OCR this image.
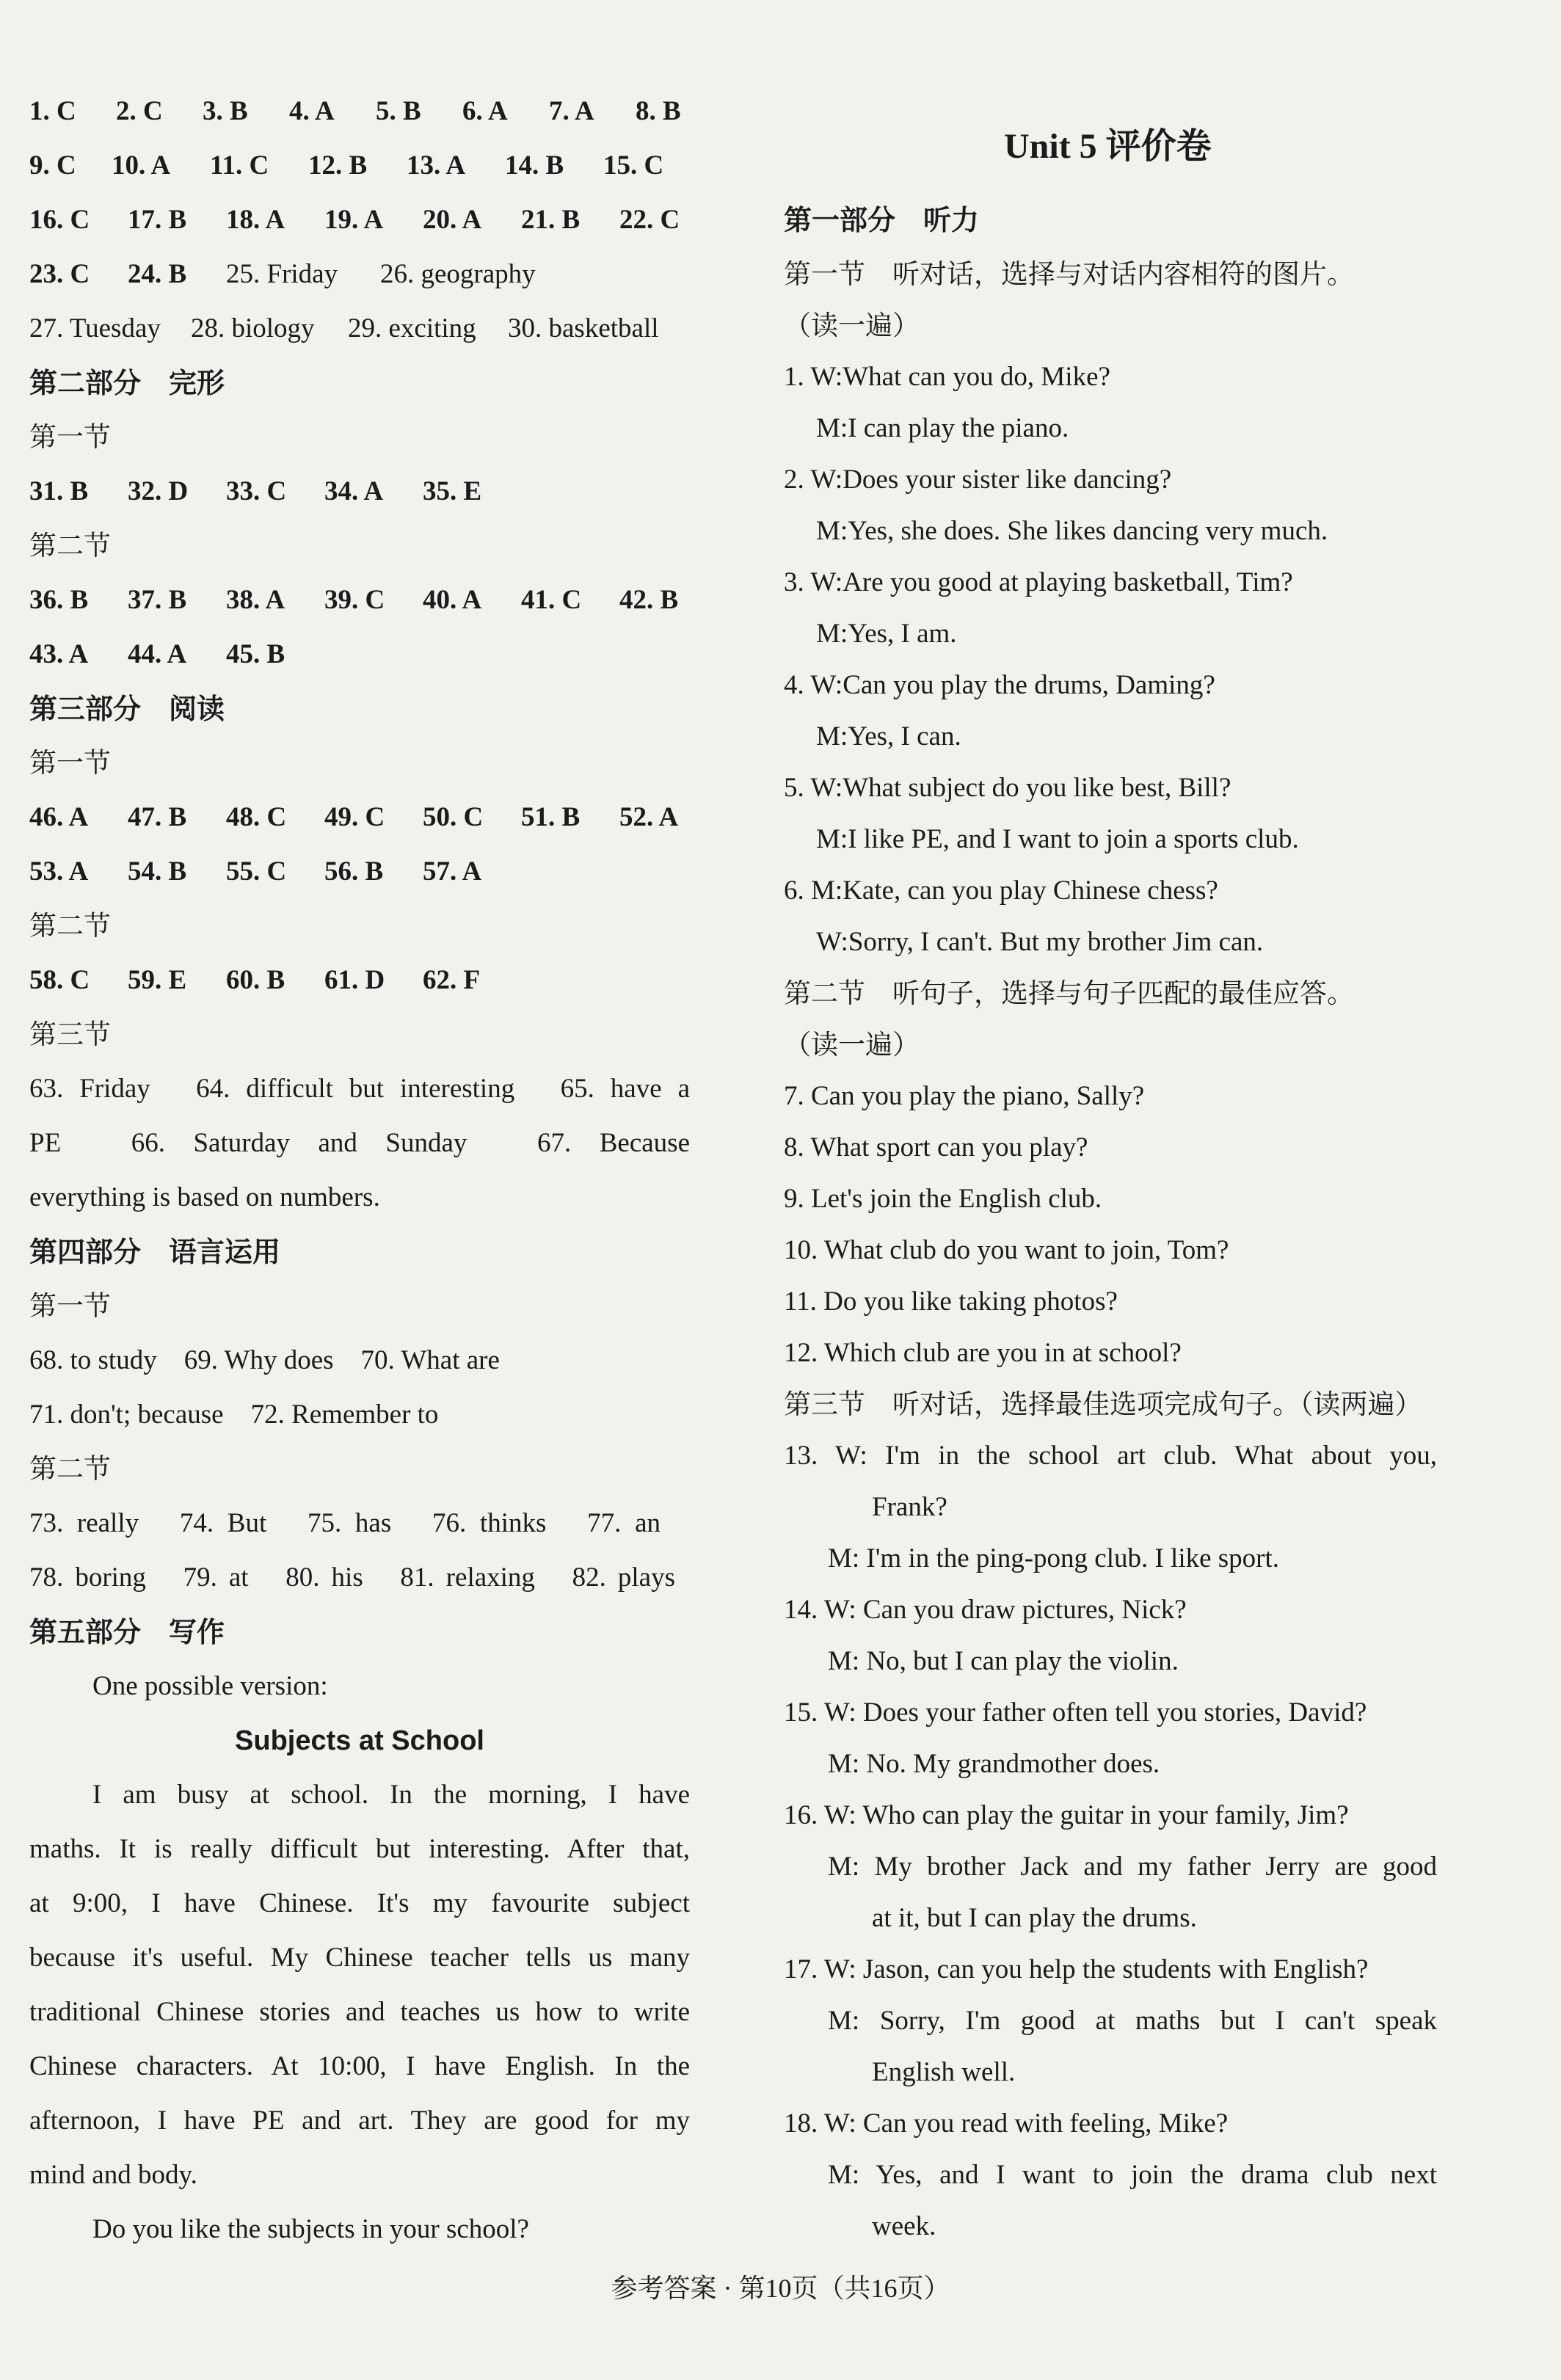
1. C 2. C 3. B 4. A 5. B 6. A 7. A 8. B
9. C 10. A 11. C 12. B 13. A 14. B 15. C
16. C 17. B 18. A 19. A 20. A 21. B 22. C
23. C 24. B 25. Friday 26. geography
27. Tuesday 28. biology 29. exciting 30. basketball
第二部分　完形
第一节
31. B 32. D 33. C 34. A 35. E
第二节
36. B 37. B 38. A 39. C 40. A 41. C 42. B
43. A 44. A 45. B
第三部分　阅读
第一节
46. A 47. B 48. C 49. C 50. C 51. B 52. A
53. A 54. B 55. C 56. B 57. A
第二节
58. C 59. E 60. B 61. D 62. F
第三节
63. Friday　64. difficult but interesting　65. have a
PE　66. Saturday and Sunday　67. Because
everything is based on numbers.
第四部分　语言运用
第一节
68. to study　69. Why does　70. What are
71. don't; because　72. Remember to
第二节
73. really　74. But　75. has　76. thinks　77. an
78. boring　79. at　80. his　81. relaxing　82. plays
第五部分　写作
One possible version:
Subjects at School
I am busy at school. In the morning, I have
maths. It is really difficult but interesting. After that,
at 9:00, I have Chinese. It's my favourite subject
because it's useful. My Chinese teacher tells us many
traditional Chinese stories and teaches us how to write
Chinese characters. At 10:00, I have English. In the
afternoon, I have PE and art. They are good for my
mind and body.
Do you like the subjects in your school?
Unit 5 评价卷
第一部分　听力
第一节　听对话，选择与对话内容相符的图片。
（读一遍）
1. W:What can you do, Mike?
M:I can play the piano.
2. W:Does your sister like dancing?
M:Yes, she does. She likes dancing very much.
3. W:Are you good at playing basketball, Tim?
M:Yes, I am.
4. W:Can you play the drums, Daming?
M:Yes, I can.
5. W:What subject do you like best, Bill?
M:I like PE, and I want to join a sports club.
6. M:Kate, can you play Chinese chess?
W:Sorry, I can't. But my brother Jim can.
第二节　听句子，选择与句子匹配的最佳应答。
（读一遍）
7. Can you play the piano, Sally?
8. What sport can you play?
9. Let's join the English club.
10. What club do you want to join, Tom?
11. Do you like taking photos?
12. Which club are you in at school?
第三节　听对话，选择最佳选项完成句子。（读两遍）
13. W: I'm in the school art club. What about you,
Frank?
M: I'm in the ping-pong club. I like sport.
14. W: Can you draw pictures, Nick?
M: No, but I can play the violin.
15. W: Does your father often tell you stories, David?
M: No. My grandmother does.
16. W: Who can play the guitar in your family, Jim?
M: My brother Jack and my father Jerry are good
at it, but I can play the drums.
17. W: Jason, can you help the students with English?
M: Sorry, I'm good at maths but I can't speak
English well.
18. W: Can you read with feeling, Mike?
M: Yes, and I want to join the drama club next
week.
参考答案 · 第10页（共16页）
